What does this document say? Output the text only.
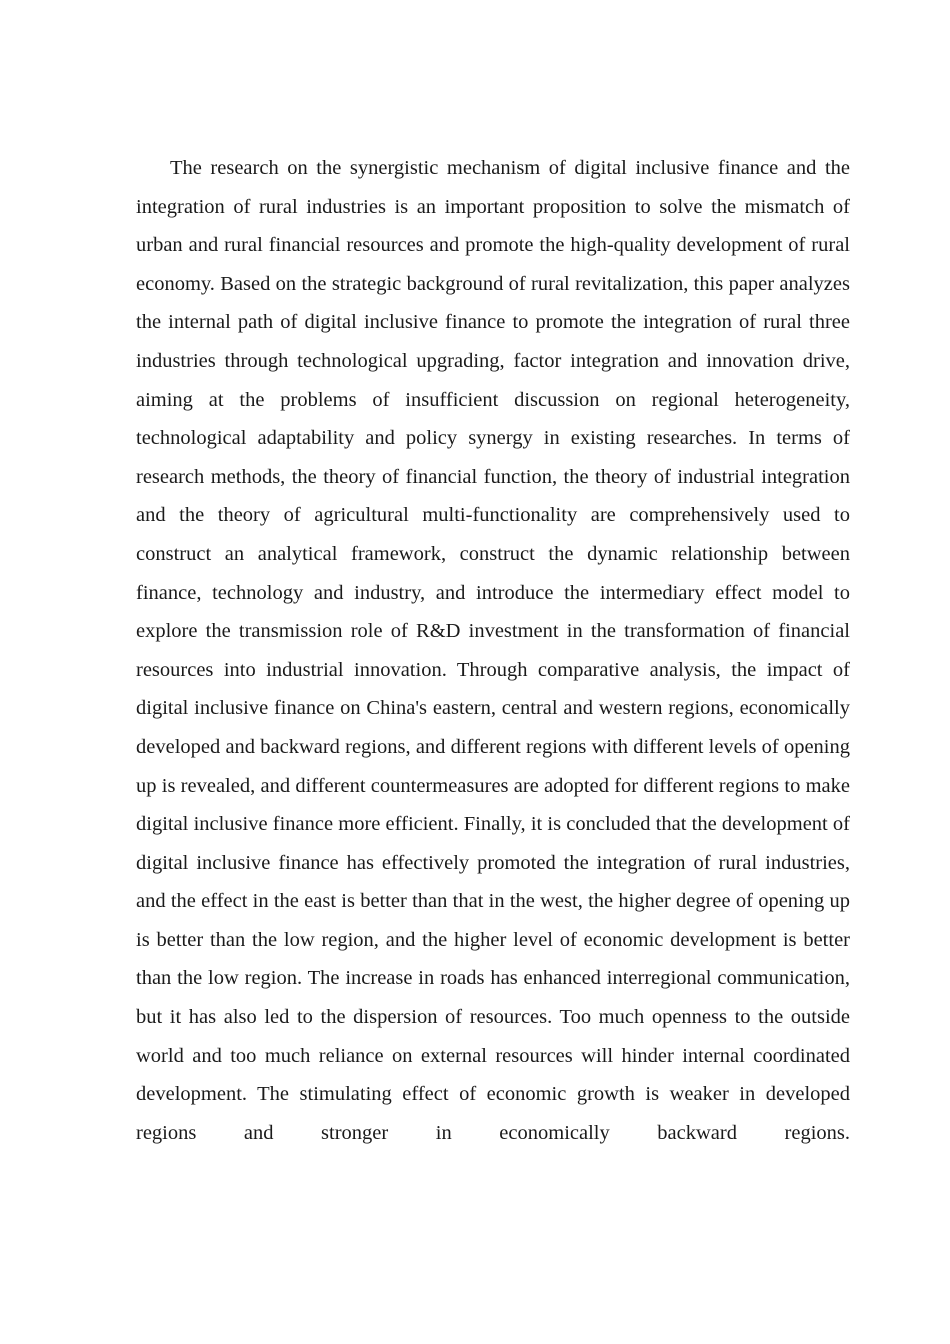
The research on the synergistic mechanism of digital inclusive finance and the integration of rural industries is an important proposition to solve the mismatch of urban and rural financial resources and promote the high-quality development of rural economy. Based on the strategic background of rural revitalization, this paper analyzes the internal path of digital inclusive finance to promote the integration of rural three industries through technological upgrading, factor integration and innovation drive, aiming at the problems of insufficient discussion on regional heterogeneity, technological adaptability and policy synergy in existing researches. In terms of research methods, the theory of financial function, the theory of industrial integration and the theory of agricultural multi-functionality are comprehensively used to construct an analytical framework, construct the dynamic relationship between finance, technology and industry, and introduce the intermediary effect model to explore the transmission role of R&D investment in the transformation of financial resources into industrial innovation. Through comparative analysis, the impact of digital inclusive finance on China's eastern, central and western regions, economically developed and backward regions, and different regions with different levels of opening up is revealed, and different countermeasures are adopted for different regions to make digital inclusive finance more efficient. Finally, it is concluded that the development of digital inclusive finance has effectively promoted the integration of rural industries, and the effect in the east is better than that in the west, the higher degree of opening up is better than the low region, and the higher level of economic development is better than the low region. The increase in roads has enhanced interregional communication, but it has also led to the dispersion of resources. Too much openness to the outside world and too much reliance on external resources will hinder internal coordinated development. The stimulating effect of economic growth is weaker in developed regions and stronger in economically backward regions.
